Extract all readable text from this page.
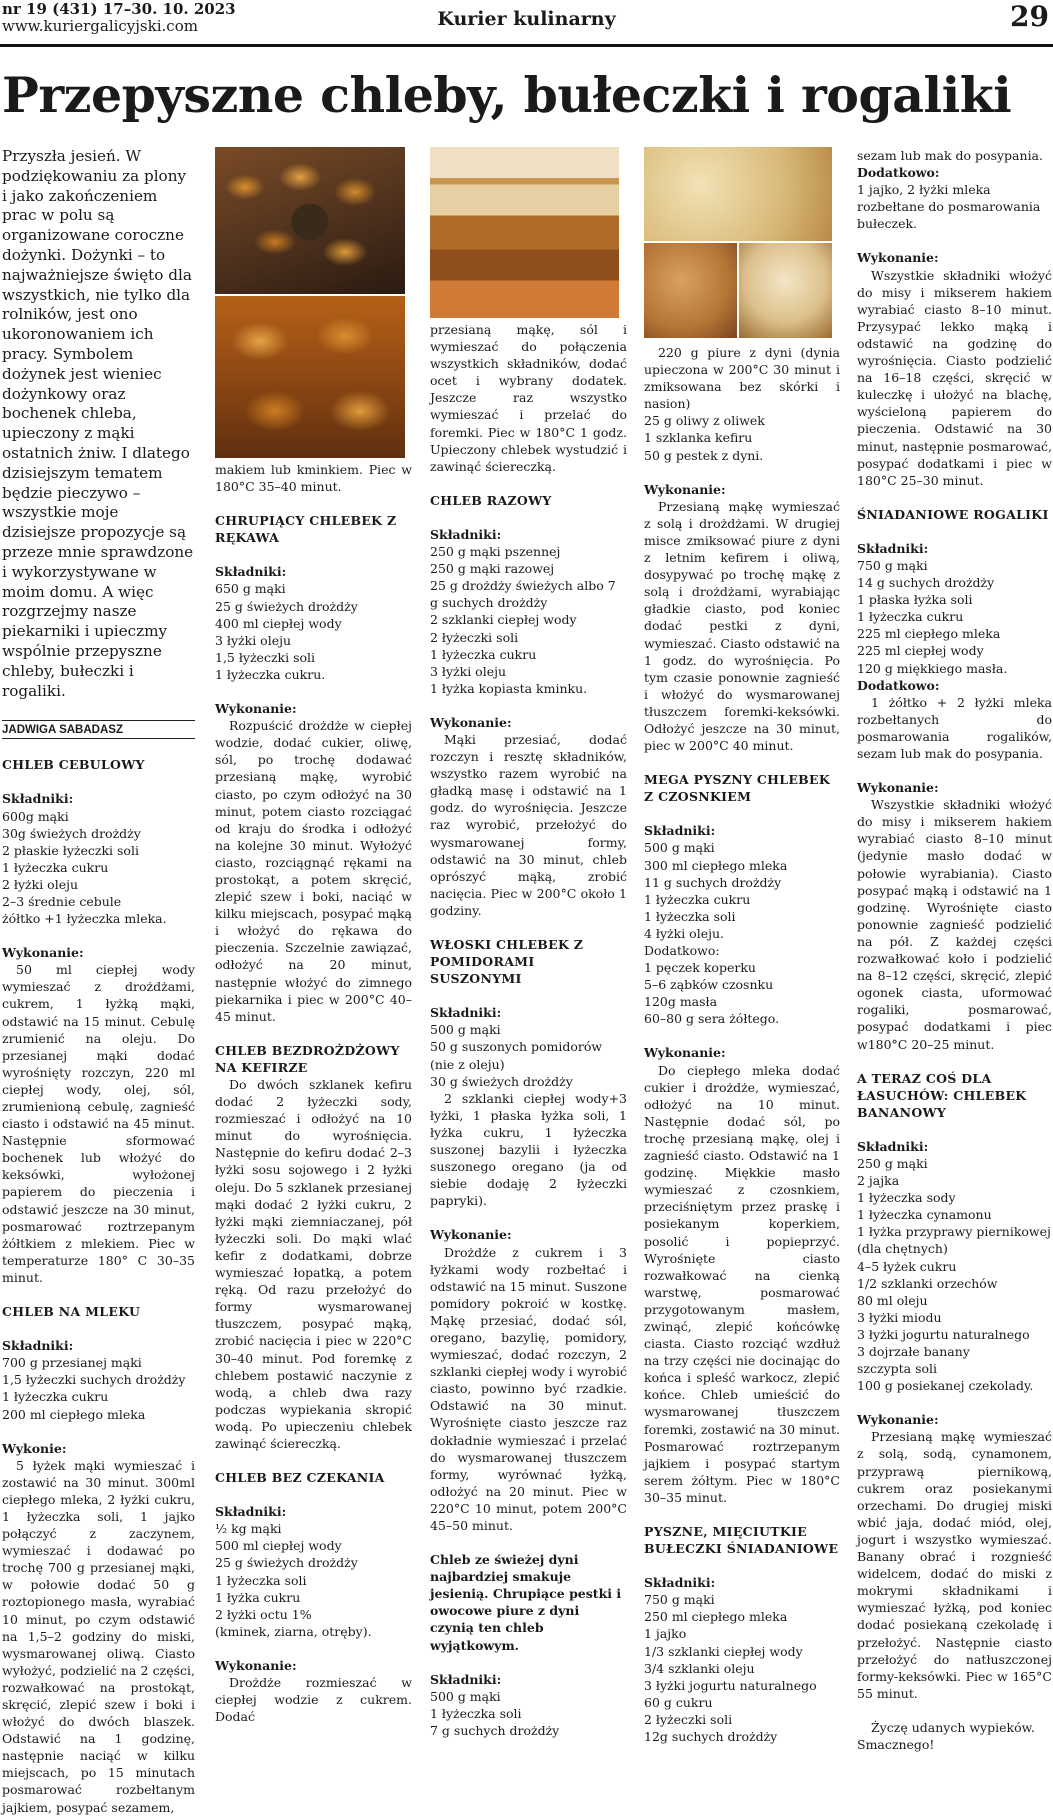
nr 19 (431) 17–30. 10. 2023
www.kuriergalicyjski.com	Kurier kulinarny	29
Przepyszne chleby, bułeczki i rogaliki

Przyszła jesień. W podziękowaniu za plony i jako zakończeniem prac w polu są organizowane coroczne dożynki. Dożynki – to najważniejsze święto dla wszystkich, nie tylko dla rolników, jest ono ukoronowaniem ich pracy. Symbolem dożynek jest wieniec dożynkowy oraz bochenek chleba, upieczony z mąki ostatnich żniw. I dlatego dzisiejszym tematem będzie pieczywo – wszystkie moje dzisiejsze propozycje są przeze mnie sprawdzone i wykorzystywane w moim domu. A więc rozgrzejmy nasze piekarniki i upieczmy wspólnie przepyszne chleby, bułeczki i rogaliki.

JADWIGA SABADASZ

CHLEB CEBULOWY

Składniki:

600g mąki

30g świeżych drożdży

2 płaskie łyżeczki soli

1 łyżeczka cukru

2 łyżki oleju

2–3 średnie cebule

żółtko +1 łyżeczka mleka.

Wykonanie:

50 ml ciepłej wody wymieszać z drożdżami, cukrem, 1 łyżką mąki, odstawić na 15 minut. Cebulę zrumienić na oleju. Do przesianej mąki dodać wyrośnięty rozczyn, 220 ml ciepłej wody, olej, sól, zrumienioną cebulę, zagnieść ciasto i odstawić na 45 minut. Następnie sformować bochenek lub włożyć do keksówki, wyłożonej papierem do pieczenia i odstawić jeszcze na 30 minut, posmarować roztrzepanym żółtkiem z mlekiem. Piec w temperaturze 180° C 30–35 minut.

CHLEB NA MLEKU

Składniki:

700 g przesianej mąki

1,5 łyżeczki suchych drożdży

1 łyżeczka cukru

200 ml ciepłego mleka

Wykonie:

5 łyżek mąki wymieszać i zostawić na 30 minut. 300ml ciepłego mleka, 2 łyżki cukru, 1 łyżeczka soli, 1 jajko połączyć z zaczynem, wymieszać i dodawać po trochę 700 g przesianej mąki, w połowie dodać 50 g roztopionego masła, wyrabiać 10 minut, po czym odstawić na 1,5–2 godziny do miski, wysmarowanej oliwą. Ciasto wyłożyć, podzielić na 2 części, rozwałkować na prostokąt, skręcić, zlepić szew i boki i włożyć do dwóch blaszek. Odstawić na 1 godzinę, następnie naciąć w kilku miejscach, po 15 minutach posmarować rozbełtanym jajkiem, posypać sezamem,

makiem lub kminkiem. Piec w 180°C 35–40 minut.

CHRUPIĄCY CHLEBEK Z RĘKAWA

Składniki:

650 g mąki

25 g świeżych drożdży

400 ml ciepłej wody

3 łyżki oleju

1,5 łyżeczki soli

1 łyżeczka cukru.

Wykonanie:

Rozpuścić drożdże w ciepłej wodzie, dodać cukier, oliwę, sól, po trochę dodawać przesianą mąkę, wyrobić ciasto, po czym odłożyć na 30 minut, potem ciasto rozciągać od kraju do środka i odłożyć na kolejne 30 minut. Wyłożyć ciasto, rozciągnąć rękami na prostokąt, a potem skręcić, zlepić szew i boki, naciąć w kilku miejscach, posypać mąką i włożyć do rękawa do pieczenia. Szczelnie zawiązać, odłożyć na 20 minut, następnie włożyć do zimnego piekarnika i piec w 200°C 40–45 minut.

CHLEB BEZDROŻDŻOWY NA KEFIRZE

Do dwóch szklanek kefiru dodać 2 łyżeczki sody, rozmieszać i odłożyć na 10 minut do wyrośnięcia. Następnie do kefiru dodać 2–3 łyżki sosu sojowego i 2 łyżki oleju. Do 5 szklanek przesianej mąki dodać 2 łyżki cukru, 2 łyżki mąki ziemniaczanej, pół łyżeczki soli. Do mąki wlać kefir z dodatkami, dobrze wymieszać łopatką, a potem ręką. Od razu przełożyć do formy wysmarowanej tłuszczem, posypać mąką, zrobić nacięcia i piec w 220°C 30–40 minut. Pod foremkę z chlebem postawić naczynie z wodą, a chleb dwa razy podczas wypiekania skropić wodą. Po upieczeniu chlebek zawinąć ściereczką.

CHLEB BEZ CZEKANIA

Składniki:

½ kg mąki

500 ml ciepłej wody

25 g świeżych drożdży

1 łyżeczka soli

1 łyżka cukru

2 łyżki octu 1%

(kminek, ziarna, otręby).

Wykonanie:

Drożdże rozmieszać w ciepłej wodzie z cukrem. Dodać

przesianą mąkę, sól i wymieszać do połączenia wszystkich składników, dodać ocet i wybrany dodatek. Jeszcze raz wszystko wymieszać i przelać do foremki. Piec w 180°C 1 godz. Upieczony chlebek wystudzić i zawinąć ściereczką.

CHLEB RAZOWY

Składniki:

250 g mąki pszennej

250 g mąki razowej

25 g drożdży świeżych albo 7 g suchych drożdży

2 szklanki ciepłej wody

2 łyżeczki soli

1 łyżeczka cukru

3 łyżki oleju

1 łyżka kopiasta kminku.

Wykonanie:

Mąki przesiać, dodać rozczyn i resztę składników, wszystko razem wyrobić na gładką masę i odstawić na 1 godz. do wyrośnięcia. Jeszcze raz wyrobić, przełożyć do wysmarowanej formy, odstawić na 30 minut, chleb oprószyć mąką, zrobić nacięcia. Piec w 200°C około 1 godziny.

WŁOSKI CHLEBEK Z POMIDORAMI SUSZONYMI

Składniki:

500 g mąki

50 g suszonych pomidorów (nie z oleju)

30 g świeżych drożdży

2 szklanki ciepłej wody+3 łyżki, 1 płaska łyżka soli, 1 łyżka cukru, 1 łyżeczka suszonej bazylii i łyżeczka suszonego oregano (ja od siebie dodaję 2 łyżeczki papryki).

Wykonanie:

Drożdże z cukrem i 3 łyżkami wody rozbełtać i odstawić na 15 minut. Suszone pomidory pokroić w kostkę. Mąkę przesiać, dodać sól, oregano, bazylię, pomidory, wymieszać, dodać rozczyn, 2 szklanki ciepłej wody i wyrobić ciasto, powinno być rzadkie. Odstawić na 30 minut. Wyrośnięte ciasto jeszcze raz dokładnie wymieszać i przelać do wysmarowanej tłuszczem formy, wyrównać łyżką, odłożyć na 20 minut. Piec w 220°C 10 minut, potem 200°C 45–50 minut.

Chleb ze świeżej dyni najbardziej smakuje jesienią. Chrupiące pestki i owocowe piure z dyni czynią ten chleb wyjątkowym.

Składniki:

500 g mąki

1 łyżeczka soli

7 g suchych drożdży

220 g piure z dyni (dynia upieczona w 200°C 30 minut i zmiksowana bez skórki i nasion)

25 g oliwy z oliwek

1 szklanka kefiru

50 g pestek z dyni.

Wykonanie:

Przesianą mąkę wymieszać z solą i drożdżami. W drugiej misce zmiksować piure z dyni z letnim kefirem i oliwą, dosypywać po trochę mąkę z solą i drożdżami, wyrabiając gładkie ciasto, pod koniec dodać pestki z dyni, wymieszać. Ciasto odstawić na 1 godz. do wyrośnięcia. Po tym czasie ponownie zagnieść i włożyć do wysmarowanej tłuszczem foremki-keksówki. Odłożyć jeszcze na 30 minut, piec w 200°C 40 minut.

MEGA PYSZNY CHLEBEK Z CZOSNKIEM

Składniki:

500 g mąki

300 ml ciepłego mleka

11 g suchych drożdży

1 łyżeczka cukru

1 łyżeczka soli

4 łyżki oleju.

Dodatkowo:

1 pęczek koperku

5–6 ząbków czosnku

120g masła

60–80 g sera żółtego.

Wykonanie:

Do ciepłego mleka dodać cukier i drożdże, wymieszać, odłożyć na 10 minut. Następnie dodać sól, po trochę przesianą mąkę, olej i zagnieść ciasto. Odstawić na 1 godzinę. Miękkie masło wymieszać z czosnkiem, przeciśniętym przez praskę i posiekanym koperkiem, posolić i popieprzyć. Wyrośnięte ciasto rozwałkować na cienką warstwę, posmarować przygotowanym masłem, zwinąć, zlepić końcówkę ciasta. Ciasto rozciąć wzdłuż na trzy części nie docinając do końca i spleść warkocz, zlepić końce. Chleb umieścić do wysmarowanej tłuszczem foremki, zostawić na 30 minut. Posmarować roztrzepanym jajkiem i posypać startym serem żółtym. Piec w 180°C 30–35 minut.

PYSZNE, MIĘCIUTKIE BUŁECZKI ŚNIADANIOWE

Składniki:

750 g mąki

250 ml ciepłego mleka

1 jajko

1/3 szklanki ciepłej wody

3/4 szklanki oleju

3 łyżki jogurtu naturalnego

60 g cukru

2 łyżeczki soli

12g suchych drożdży

sezam lub mak do posypania.

Dodatkowo:

1 jajko, 2 łyżki mleka rozbełtane do posmarowania bułeczek.

Wykonanie:

Wszystkie składniki włożyć do misy i mikserem hakiem wyrabiać ciasto 8–10 minut. Przysypać lekko mąką i odstawić na godzinę do wyrośnięcia. Ciasto podzielić na 16–18 części, skręcić w kuleczkę i ułożyć na blachę, wyścieloną papierem do pieczenia. Odstawić na 30 minut, następnie posmarować, posypać dodatkami i piec w 180°C 25–30 minut.

ŚNIADANIOWE ROGALIKI

Składniki:

750 g mąki

14 g suchych drożdży

1 płaska łyżka soli

1 łyżeczka cukru

225 ml ciepłego mleka

225 ml ciepłej wody

120 g miękkiego masła.

Dodatkowo:

1 żółtko + 2 łyżki mleka rozbełtanych do posmarowania rogalików, sezam lub mak do posypania.

Wykonanie:

Wszystkie składniki włożyć do misy i mikserem hakiem wyrabiać ciasto 8–10 minut (jedynie masło dodać w połowie wyrabiania). Ciasto posypać mąką i odstawić na 1 godzinę. Wyrośnięte ciasto ponownie zagnieść podzielić na pół. Z każdej części rozwałkować koło i podzielić na 8–12 części, skręcić, zlepić ogonek ciasta, uformować rogaliki, posmarować, posypać dodatkami i piec w180°C 20–25 minut.

A TERAZ COŚ DLA ŁASUCHÓW: CHLEBEK BANANOWY

Składniki:

250 g mąki

2 jajka

1 łyżeczka sody

1 łyżeczka cynamonu

1 łyżka przyprawy piernikowej (dla chętnych)

4–5 łyżek cukru

1/2 szklanki orzechów

80 ml oleju

3 łyżki miodu

3 łyżki jogurtu naturalnego

3 dojrzałe banany

szczypta soli

100 g posiekanej czekolady.

Wykonanie:

Przesianą mąkę wymieszać z solą, sodą, cynamonem, przyprawą piernikową, cukrem oraz posiekanymi orzechami. Do drugiej miski wbić jaja, dodać miód, olej, jogurt i wszystko wymieszać. Banany obrać i rozgnieść widelcem, dodać do miski z mokrymi składnikami i wymieszać łyżką, pod koniec dodać posiekaną czekoladę i przełożyć. Następnie ciasto przełożyć do natłuszczonej formy-keksówki. Piec w 165°C 55 minut.

Życzę udanych wypieków. Smacznego!
